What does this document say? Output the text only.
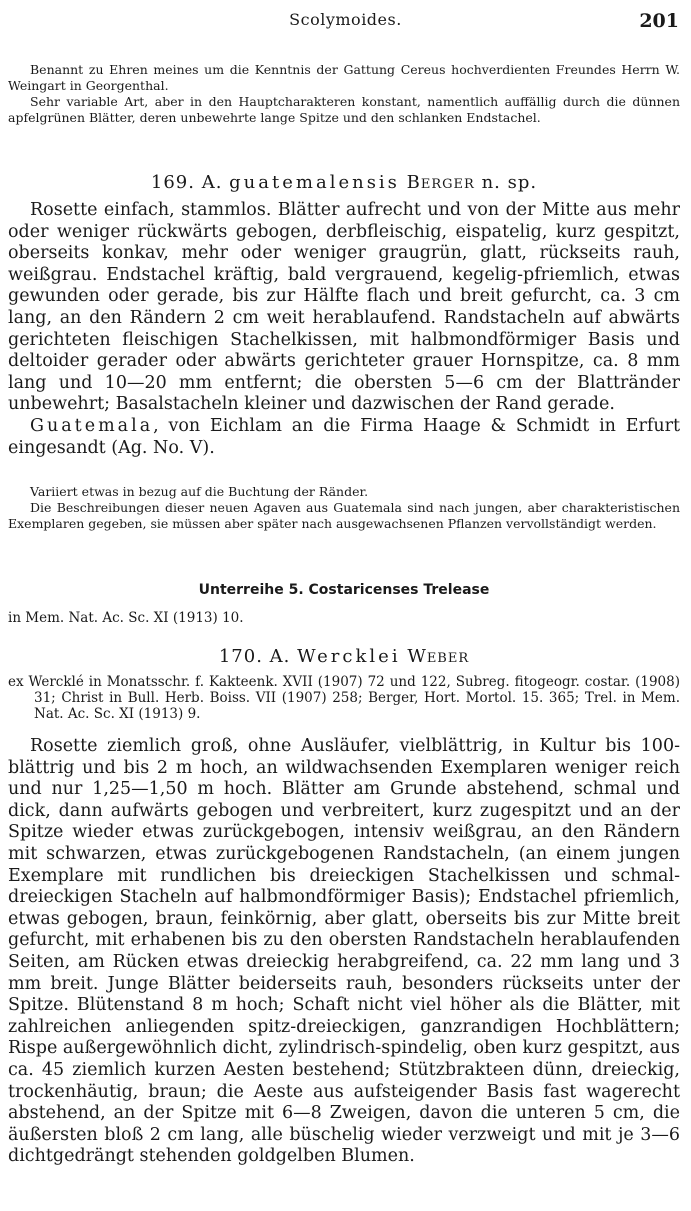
Scolymoides.	201

Benannt zu Ehren meines um die Kenntnis der Gattung Cereus hochverdienten Freundes Herrn W. Weingart in Georgenthal.

Sehr variable Art, aber in den Hauptcharakteren konstant, namentlich auffällig durch die dünnen apfelgrünen Blätter, deren unbewehrte lange Spitze und den schlanken Endstachel.

169. A. guatemalensis Berger n. sp.

Rosette einfach, stammlos. Blätter aufrecht und von der Mitte aus mehr oder weniger rückwärts gebogen, derbfleischig, eispatelig, kurz gespitzt, oberseits konkav, mehr oder weniger graugrün, glatt, rückseits rauh, weißgrau. Endstachel kräftig, bald vergrauend, kegelig-pfriemlich, etwas gewunden oder gerade, bis zur Hälfte flach und breit gefurcht, ca. 3 cm lang, an den Rändern 2 cm weit herablaufend. Randstacheln auf abwärts gerichteten fleischigen Stachelkissen, mit halbmondförmiger Basis und deltoider gerader oder abwärts gerichteter grauer Hornspitze, ca. 8 mm lang und 10—20 mm entfernt; die obersten 5—6 cm der Blattränder unbewehrt; Basalstacheln kleiner und dazwischen der Rand gerade.

Guatemala, von Eichlam an die Firma Haage & Schmidt in Erfurt eingesandt (Ag. No. V).

Variiert etwas in bezug auf die Buchtung der Ränder.

Die Beschreibungen dieser neuen Agaven aus Guatemala sind nach jungen, aber charakteristischen Exemplaren gegeben, sie müssen aber später nach ausgewachsenen Pflanzen vervollständigt werden.

Unterreihe 5. Costaricenses Trelease
in Mem. Nat. Ac. Sc. XI (1913) 10.
170. A. Wercklei Weber
ex Wercklé in Monatsschr. f. Kakteenk. XVII (1907) 72 und 122, Subreg. fitogeogr. costar. (1908) 31; Christ in Bull. Herb. Boiss. VII (1907) 258; Berger, Hort. Mortol. 15. 365; Trel. in Mem. Nat. Ac. Sc. XI (1913) 9.

Rosette ziemlich groß, ohne Ausläufer, vielblättrig, in Kultur bis 100-blättrig und bis 2 m hoch, an wildwachsenden Exemplaren weniger reich und nur 1,25—1,50 m hoch. Blätter am Grunde abstehend, schmal und dick, dann aufwärts gebogen und verbreitert, kurz zugespitzt und an der Spitze wieder etwas zurückgebogen, intensiv weißgrau, an den Rändern mit schwarzen, etwas zurückgebogenen Randstacheln, (an einem jungen Exemplare mit rundlichen bis dreieckigen Stachelkissen und schmal-dreieckigen Stacheln auf halbmondförmiger Basis); Endstachel pfriemlich, etwas gebogen, braun, feinkörnig, aber glatt, oberseits bis zur Mitte breit gefurcht, mit erhabenen bis zu den obersten Randstacheln herablaufenden Seiten, am Rücken etwas dreieckig herabgreifend, ca. 22 mm lang und 3 mm breit. Junge Blätter beiderseits rauh, besonders rückseits unter der Spitze. Blütenstand 8 m hoch; Schaft nicht viel höher als die Blätter, mit zahlreichen anliegenden spitz-dreieckigen, ganzrandigen Hochblättern; Rispe außergewöhnlich dicht, zylindrisch-spindelig, oben kurz gespitzt, aus ca. 45 ziemlich kurzen Aesten bestehend; Stützbrakteen dünn, dreieckig, trockenhäutig, braun; die Aeste aus aufsteigender Basis fast wagerecht abstehend, an der Spitze mit 6—8 Zweigen, davon die unteren 5 cm, die äußersten bloß 2 cm lang, alle büschelig wieder verzweigt und mit je 3—6 dichtgedrängt stehenden goldgelben Blumen.
